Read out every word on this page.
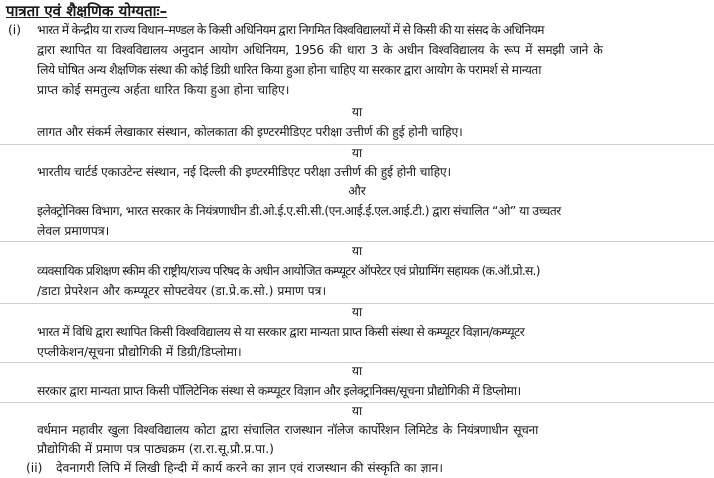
पात्रता एवं शैक्षणिक योग्यताः–
(i) भारत में केन्द्रीय या राज्य विधान–मण्डल के किसी अधिनियम द्वारा निगमित विश्वविद्यालयों में से किसी की या संसद के अधिनियम
द्वारा स्थापित या विश्वविद्यालय अनुदान आयोग अधिनियम, 1956 की धारा 3 के अधीन विश्वविद्यालय के रूप में समझी जाने के
लिये घोषित अन्य शैक्षणिक संस्था की कोई डिग्री धारित किया हुआ होना चाहिए या सरकार द्वारा आयोग के परामर्श से मान्यता
प्राप्त कोई समतुल्य अर्हता धारित किया हुआ होना चाहिए।
या
लागत और संकर्म लेखाकार संस्थान, कोलकाता की इण्टरमीडिएट परीक्षा उत्तीर्ण की हुई होनी चाहिए।
या
भारतीय चार्टर्ड एकाउटेन्ट संस्थान, नई दिल्ली की इण्टरमीडिएट परीक्षा उत्तीर्ण की हुई होनी चाहिए।
और
इलेक्ट्रोनिक्स विभाग, भारत सरकार के नियंत्रणाधीन डी.ओ.ई.ए.सी.सी.(एन.आई.ई.एल.आई.टी.) द्वारा संचालित “ओ” या उच्चतर
लेवल प्रमाणपत्र।
या
व्यवसायिक प्रशिक्षण स्कीम की राष्ट्रीय/राज्य परिषद के अधीन आयोजित कम्प्यूटर ऑपरेटर एवं प्रोग्रामिंग सहायक (क.ऑ.प्रो.स.)
/डाटा प्रेपरेशन और कम्प्यूटर सोफ्टवेयर (डा.प्रे.क.सो.) प्रमाण पत्र।
या
भारत में विधि द्वारा स्थापित किसी विश्वविद्यालय से या सरकार द्वारा मान्यता प्राप्त किसी संस्था से कम्प्यूटर विज्ञान/कम्प्यूटर
एप्लीकेशन/सूचना प्रौद्योगिकी में डिग्री/डिप्लोमा।
या
सरकार द्वारा मान्यता प्राप्त किसी पॉलिटेनिक संस्था से कम्प्यूटर विज्ञान और इलेक्ट्रानिक्स/सूचना प्रौद्योगिकी में डिप्लोमा।
या
वर्धमान महावीर खुला विश्वविद्यालय कोटा द्वारा संचालित राजस्थान नॉलेज कार्पोरेशन लिमिटेड के नियंत्रणाधीन सूचना
प्रौद्योगिकी में प्रमाण पत्र पाठ्यक्रम (रा.रा.सू.प्रौ.प्र.पा.)
(ii) देवनागरी लिपि में लिखी हिन्दी में कार्य करने का ज्ञान एवं राजस्थान की संस्कृति का ज्ञान।
